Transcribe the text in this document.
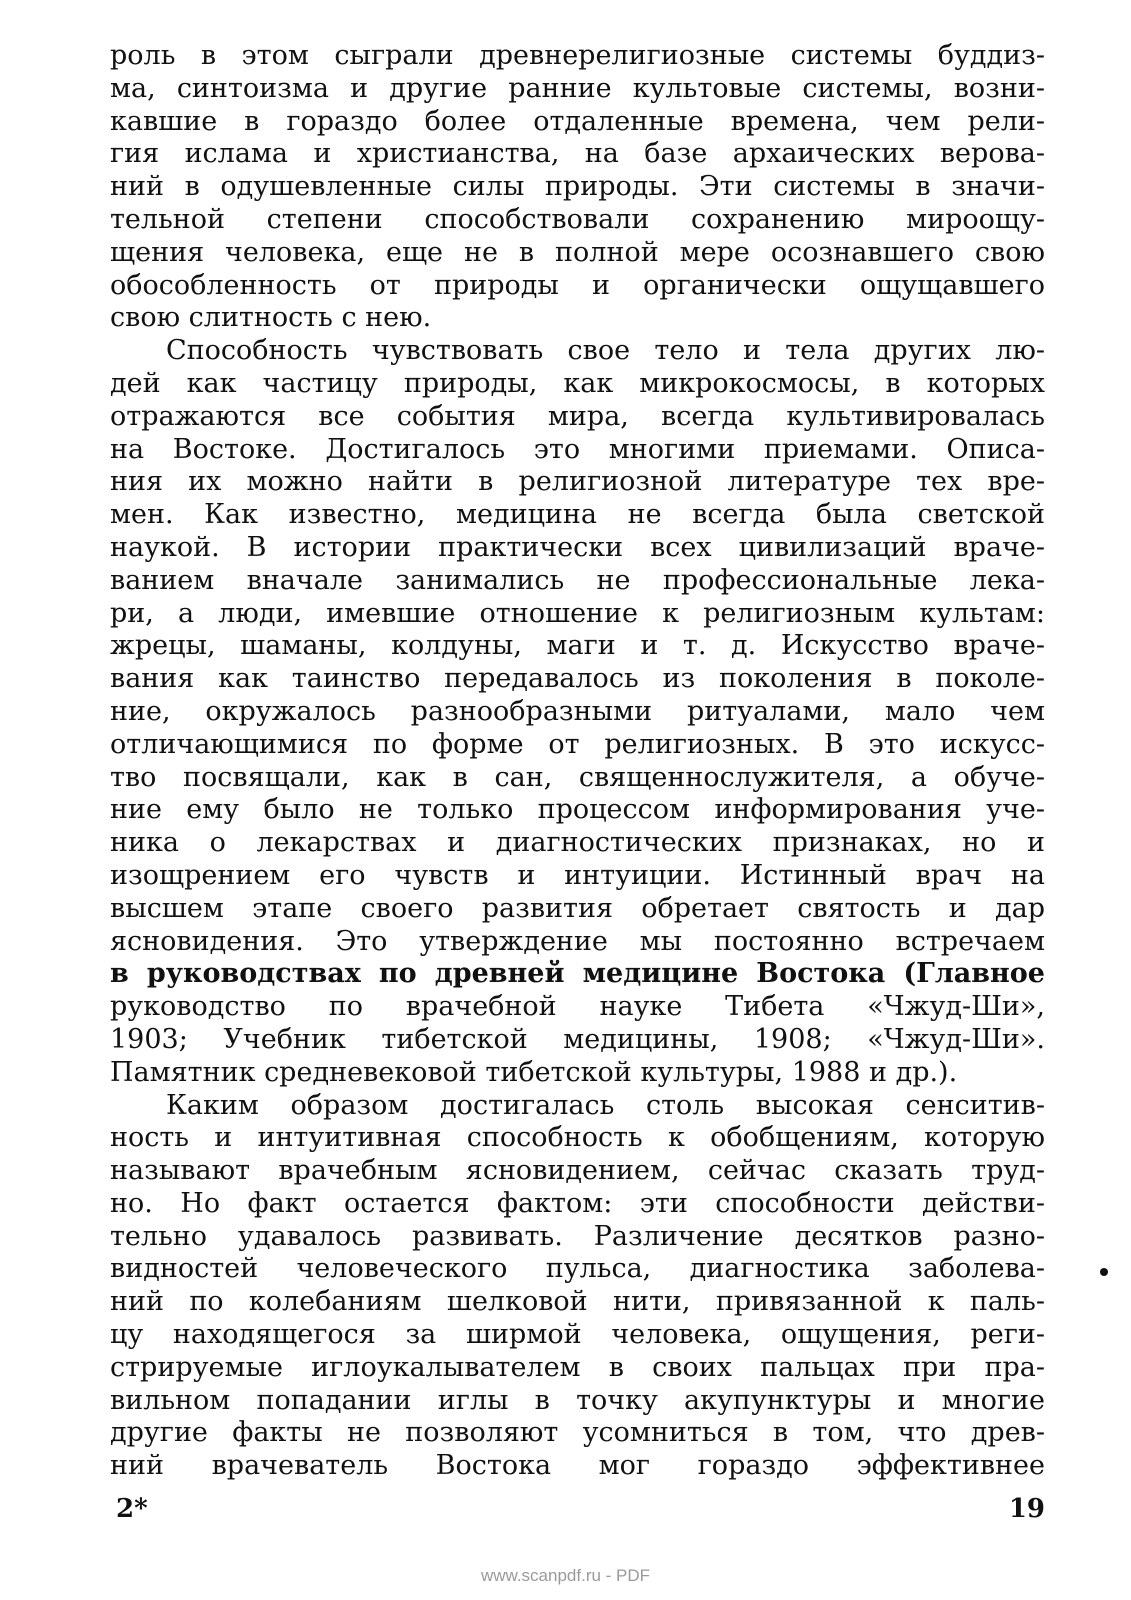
роль в этом сыграли древнерелигиозные системы буддиз-
ма, синтоизма и другие ранние культовые системы, возни-
кавшие в гораздо более отдаленные времена, чем рели-
гия ислама и христианства, на базе архаических верова-
ний в одушевленные силы природы. Эти системы в значи-
тельной степени способствовали сохранению мироощу-
щения человека, еще не в полной мере осознавшего свою
обособленность от природы и органически ощущавшего
свою слитность с нею.
Способность чувствовать свое тело и тела других лю-
дей как частицу природы, как микрокосмосы, в которых
отражаются все события мира, всегда культивировалась
на Востоке. Достигалось это многими приемами. Описа-
ния их можно найти в религиозной литературе тех вре-
мен. Как известно, медицина не всегда была светской
наукой. В истории практически всех цивилизаций враче-
ванием вначале занимались не профессиональные лека-
ри, а люди, имевшие отношение к религиозным культам:
жрецы, шаманы, колдуны, маги и т. д. Искусство враче-
вания как таинство передавалось из поколения в поколе-
ние, окружалось разнообразными ритуалами, мало чем
отличающимися по форме от религиозных. В это искусс-
тво посвящали, как в сан, священнослужителя, а обуче-
ние ему было не только процессом информирования уче-
ника о лекарствах и диагностических признаках, но и
изощрением его чувств и интуиции. Истинный врач на
высшем этапе своего развития обретает святость и дар
ясновидения. Это утверждение мы постоянно встречаем
в руководствах по древней медицине Востока (Главное
руководство по врачебной науке Тибета «Чжуд-Ши»,
1903; Учебник тибетской медицины, 1908; «Чжуд-Ши».
Памятник средневековой тибетской культуры, 1988 и др.).
Каким образом достигалась столь высокая сенситив-
ность и интуитивная способность к обобщениям, которую
называют врачебным ясновидением, сейчас сказать труд-
но. Но факт остается фактом: эти способности действи-
тельно удавалось развивать. Различение десятков разно-
видностей человеческого пульса, диагностика заболева-
ний по колебаниям шелковой нити, привязанной к паль-
цу находящегося за ширмой человека, ощущения, реги-
стрируемые иглоукалывателем в своих пальцах при пра-
вильном попадании иглы в точку акупунктуры и многие
другие факты не позволяют усомниться в том, что древ-
ний врачеватель Востока мог гораздо эффективнее
2*	19
www.scanpdf.ru - PDF
